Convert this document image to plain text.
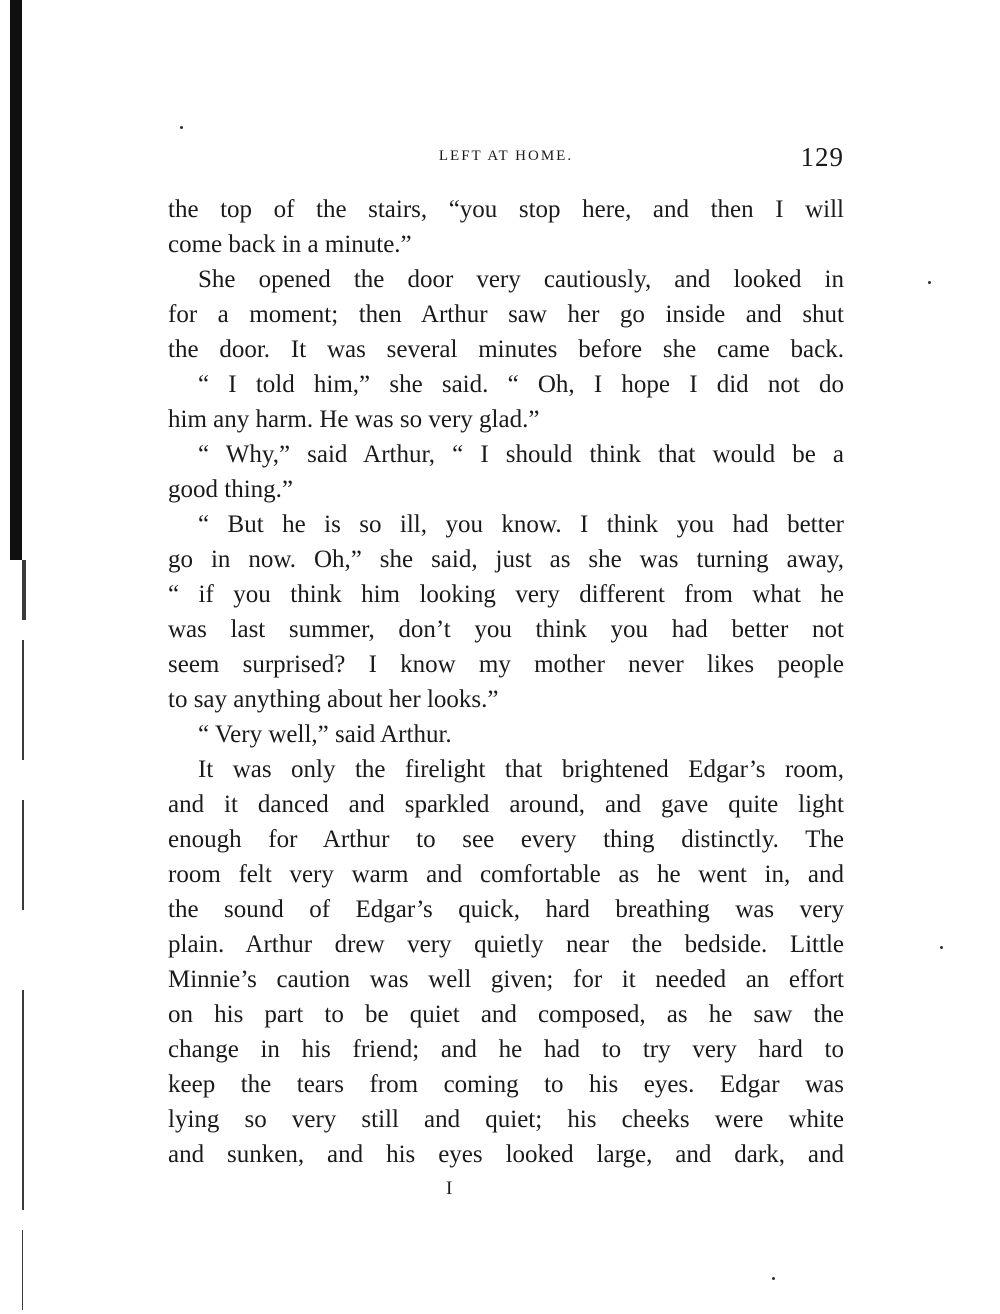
LEFT AT HOME.	129
the top of the stairs, “you stop here, and then I will
come back in a minute.”
She opened the door very cautiously, and looked in
for a moment; then Arthur saw her go inside and shut
the door. It was several minutes before she came back.
“ I told him,” she said. “ Oh, I hope I did not do
him any harm. He was so very glad.”
“ Why,” said Arthur, “ I should think that would be a
good thing.”
“ But he is so ill, you know. I think you had better
go in now. Oh,” she said, just as she was turning away,
“ if you think him looking very different from what he
was last summer, don’t you think you had better not
seem surprised? I know my mother never likes people
to say anything about her looks.”
“ Very well,” said Arthur.
It was only the firelight that brightened Edgar’s room,
and it danced and sparkled around, and gave quite light
enough for Arthur to see every thing distinctly. The
room felt very warm and comfortable as he went in, and
the sound of Edgar’s quick, hard breathing was very
plain. Arthur drew very quietly near the bedside. Little
Minnie’s caution was well given; for it needed an effort
on his part to be quiet and composed, as he saw the
change in his friend; and he had to try very hard to
keep the tears from coming to his eyes. Edgar was
lying so very still and quiet; his cheeks were white
and sunken, and his eyes looked large, and dark, and
I
